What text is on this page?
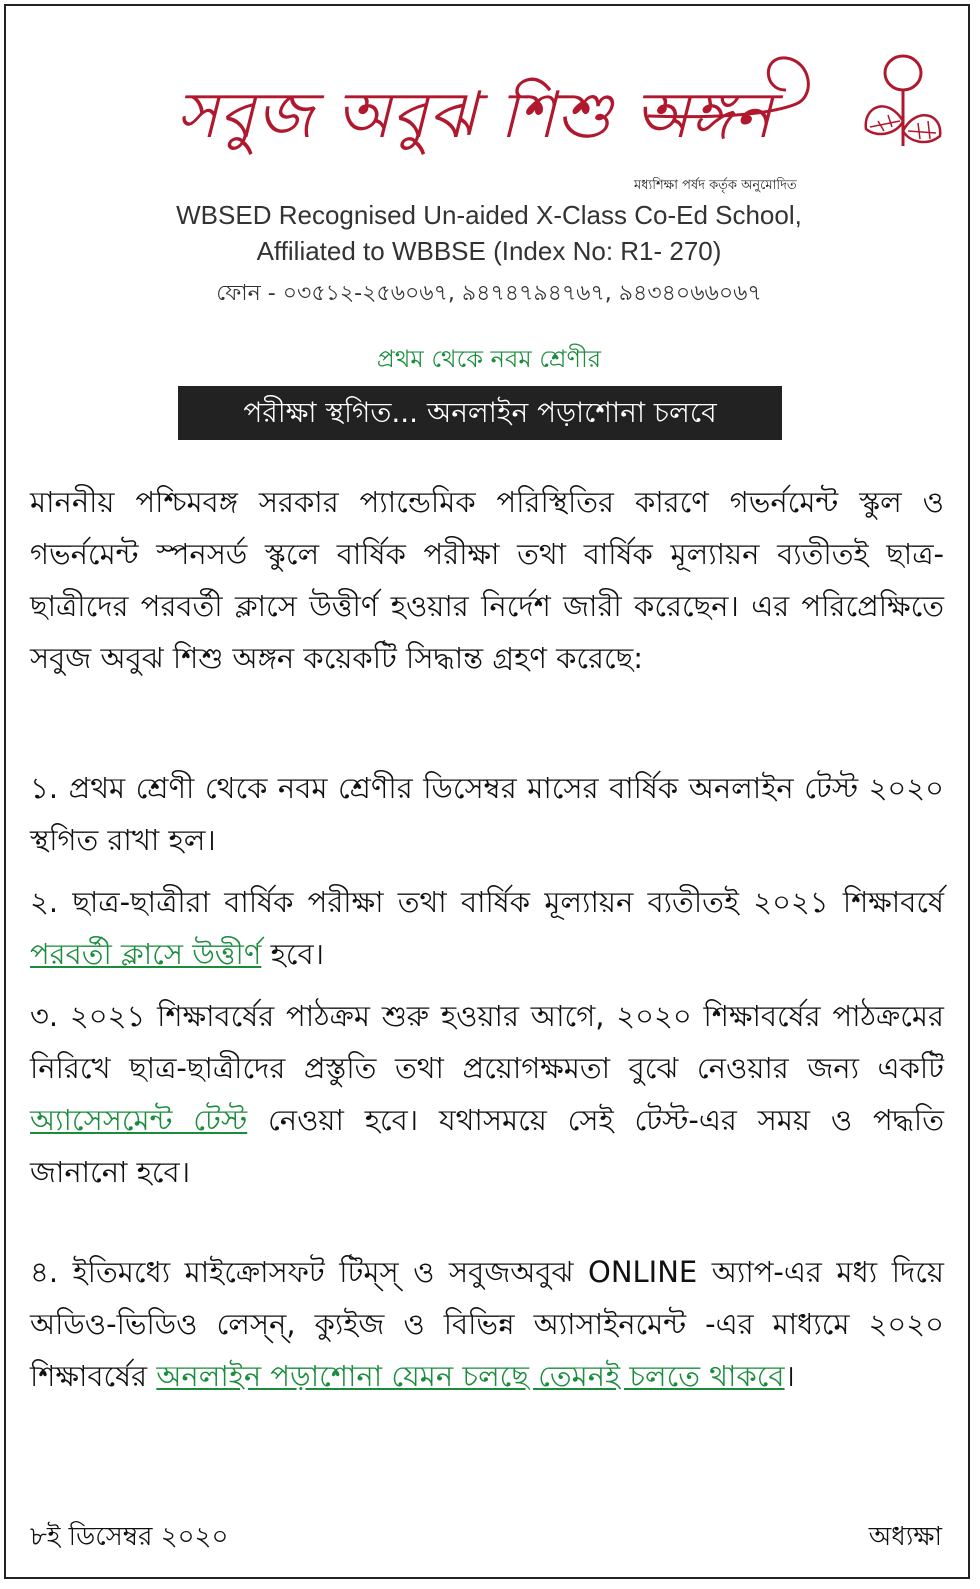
সবুজ অবুঝ শিশু অঙ্গন
মধ্যশিক্ষা পর্ষদ কর্তৃক অনুমোদিত
WBSED Recognised Un-aided X-Class Co-Ed School,
Affiliated to WBBSE (Index No: R1- 270)
ফোন - ০৩৫১২-২৫৬০৬৭, ৯৪৭৪৭৯৪৭৬৭, ৯৪৩৪০৬৬০৬৭
প্রথম থেকে নবম শ্রেণীর
পরীক্ষা স্থগিত... অনলাইন পড়াশোনা চলবে
মাননীয় পশ্চিমবঙ্গ সরকার প্যান্ডেমিক পরিস্থিতির কারণে গভর্নমেন্ট স্কুল ও গভর্নমেন্ট স্পনসর্ড স্কুলে বার্ষিক পরীক্ষা তথা বার্ষিক মূল্যায়ন ব্যতীতই ছাত্র-ছাত্রীদের পরবর্তী ক্লাসে উত্তীর্ণ হওয়ার নির্দেশ জারী করেছেন। এর পরিপ্রেক্ষিতে সবুজ অবুঝ শিশু অঙ্গন কয়েকটি সিদ্ধান্ত গ্রহণ করেছে:
১. প্রথম শ্রেণী থেকে নবম শ্রেণীর ডিসেম্বর মাসের বার্ষিক অনলাইন টেস্ট ২০২০ স্থগিত রাখা হল।
২. ছাত্র-ছাত্রীরা বার্ষিক পরীক্ষা তথা বার্ষিক মূল্যায়ন ব্যতীতই ২০২১ শিক্ষাবর্ষে পরবর্তী ক্লাসে উত্তীর্ণ হবে।
৩. ২০২১ শিক্ষাবর্ষের পাঠক্রম শুরু হওয়ার আগে, ২০২০ শিক্ষাবর্ষের পাঠক্রমের নিরিখে ছাত্র-ছাত্রীদের প্রস্তুতি তথা প্রয়োগক্ষমতা বুঝে নেওয়ার জন্য একটি অ্যাসেসমেন্ট টেস্ট নেওয়া হবে। যথাসময়ে সেই টেস্ট-এর সময় ও পদ্ধতি জানানো হবে।
৪. ইতিমধ্যে মাইক্রোসফট টিম্স্ ও সবুজঅবুঝ ONLINE অ্যাপ-এর মধ্য দিয়ে অডিও-ভিডিও লেস্ন্, ক্যুইজ ও বিভিন্ন অ্যাসাইনমেন্ট -এর মাধ্যমে ২০২০ শিক্ষাবর্ষের অনলাইন পড়াশোনা যেমন চলছে তেমনই চলতে থাকবে।
৮ই ডিসেম্বর ২০২০	অধ্যক্ষা
